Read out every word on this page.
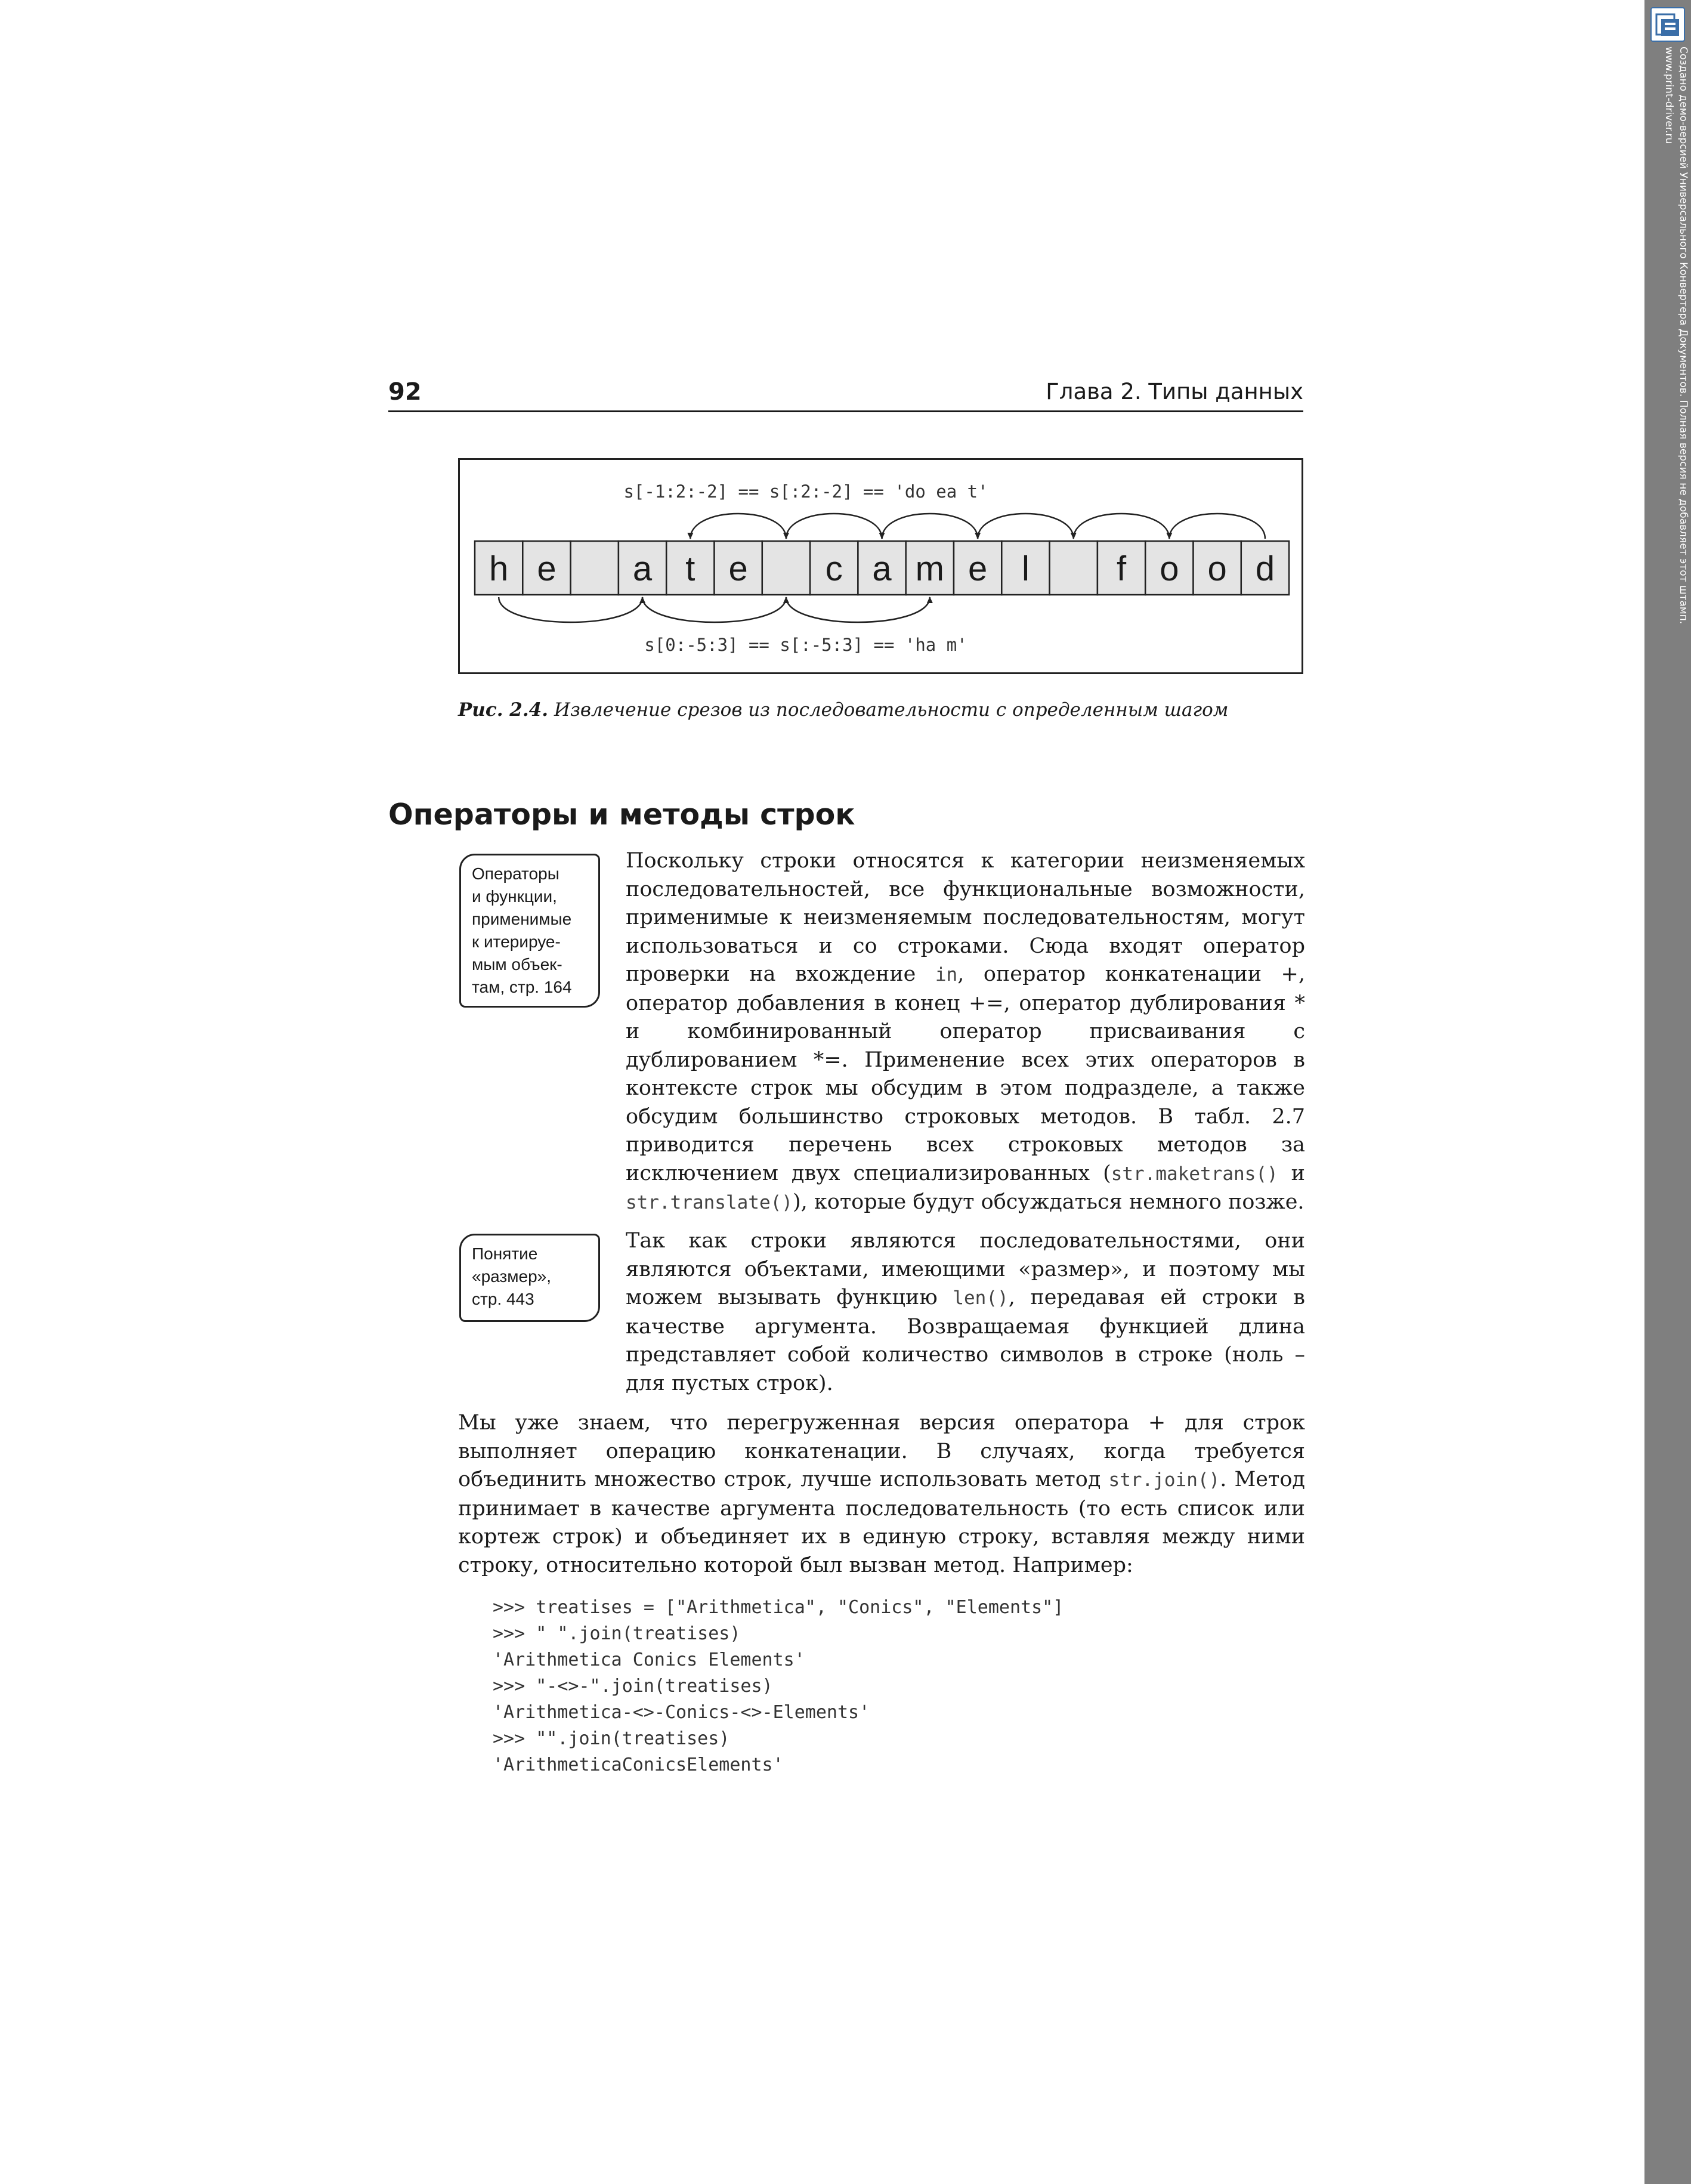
Создано демо-версией Универсального Конвертера Документов. Полная версия не добавляет этот штамп.
www.print-driver.ru
92	Глава 2. Типы данных
s[-1:2:-2] == s[:2:-2] == 'do ea t'
h e a t e c a m e l	f o o d
s[0:-5:3] == s[:-5:3] == 'ha m'
Рис. 2.4. Извлечение срезов из последовательности с определенным шагом
Операторы и методы строк
Операторы
и функции,
применимые
к итерируе-
мым объек-
там, стр. 164
Понятие
«размер»,
стр. 443

Поскольку строки относятся к категории неизменяемых последовательностей, все функциональные возможности, применимые к неизменяемым последовательностям, могут использоваться и со строками. Сюда входят оператор проверки на вхождение in, оператор конкатенации +, оператор добавления в конец +=, оператор дублирования * и комбинированный оператор присваивания с дублированием *=. Применение всех этих операторов в контексте строк мы обсудим в этом подразделе, а также обсудим большинство строковых методов. В табл. 2.7 приводится перечень всех строковых методов за исключением двух специализированных (str.maketrans() и str.translate()), которые будут обсуждаться немного позже.

Так как строки являются последовательностями, они являются объектами, имеющими «размер», и поэтому мы можем вызывать функцию len(), передавая ей строки в качестве аргумента. Возвращаемая функцией длина представляет собой количество символов в строке (ноль – для пустых строк).

Мы уже знаем, что перегруженная версия оператора + для строк выполняет операцию конкатенации. В случаях, когда требуется объединить множество строк, лучше использовать метод str.join(). Метод принимает в качестве аргумента последовательность (то есть список или кортеж строк) и объединяет их в единую строку, вставляя между ними строку, относительно которой был вызван метод. Например:

>>> treatises = ["Arithmetica", "Conics", "Elements"]
>>> " ".join(treatises)
'Arithmetica Conics Elements'
>>> "-<>-".join(treatises)
'Arithmetica-<>-Conics-<>-Elements'
>>> "".join(treatises)
'ArithmeticaConicsElements'
